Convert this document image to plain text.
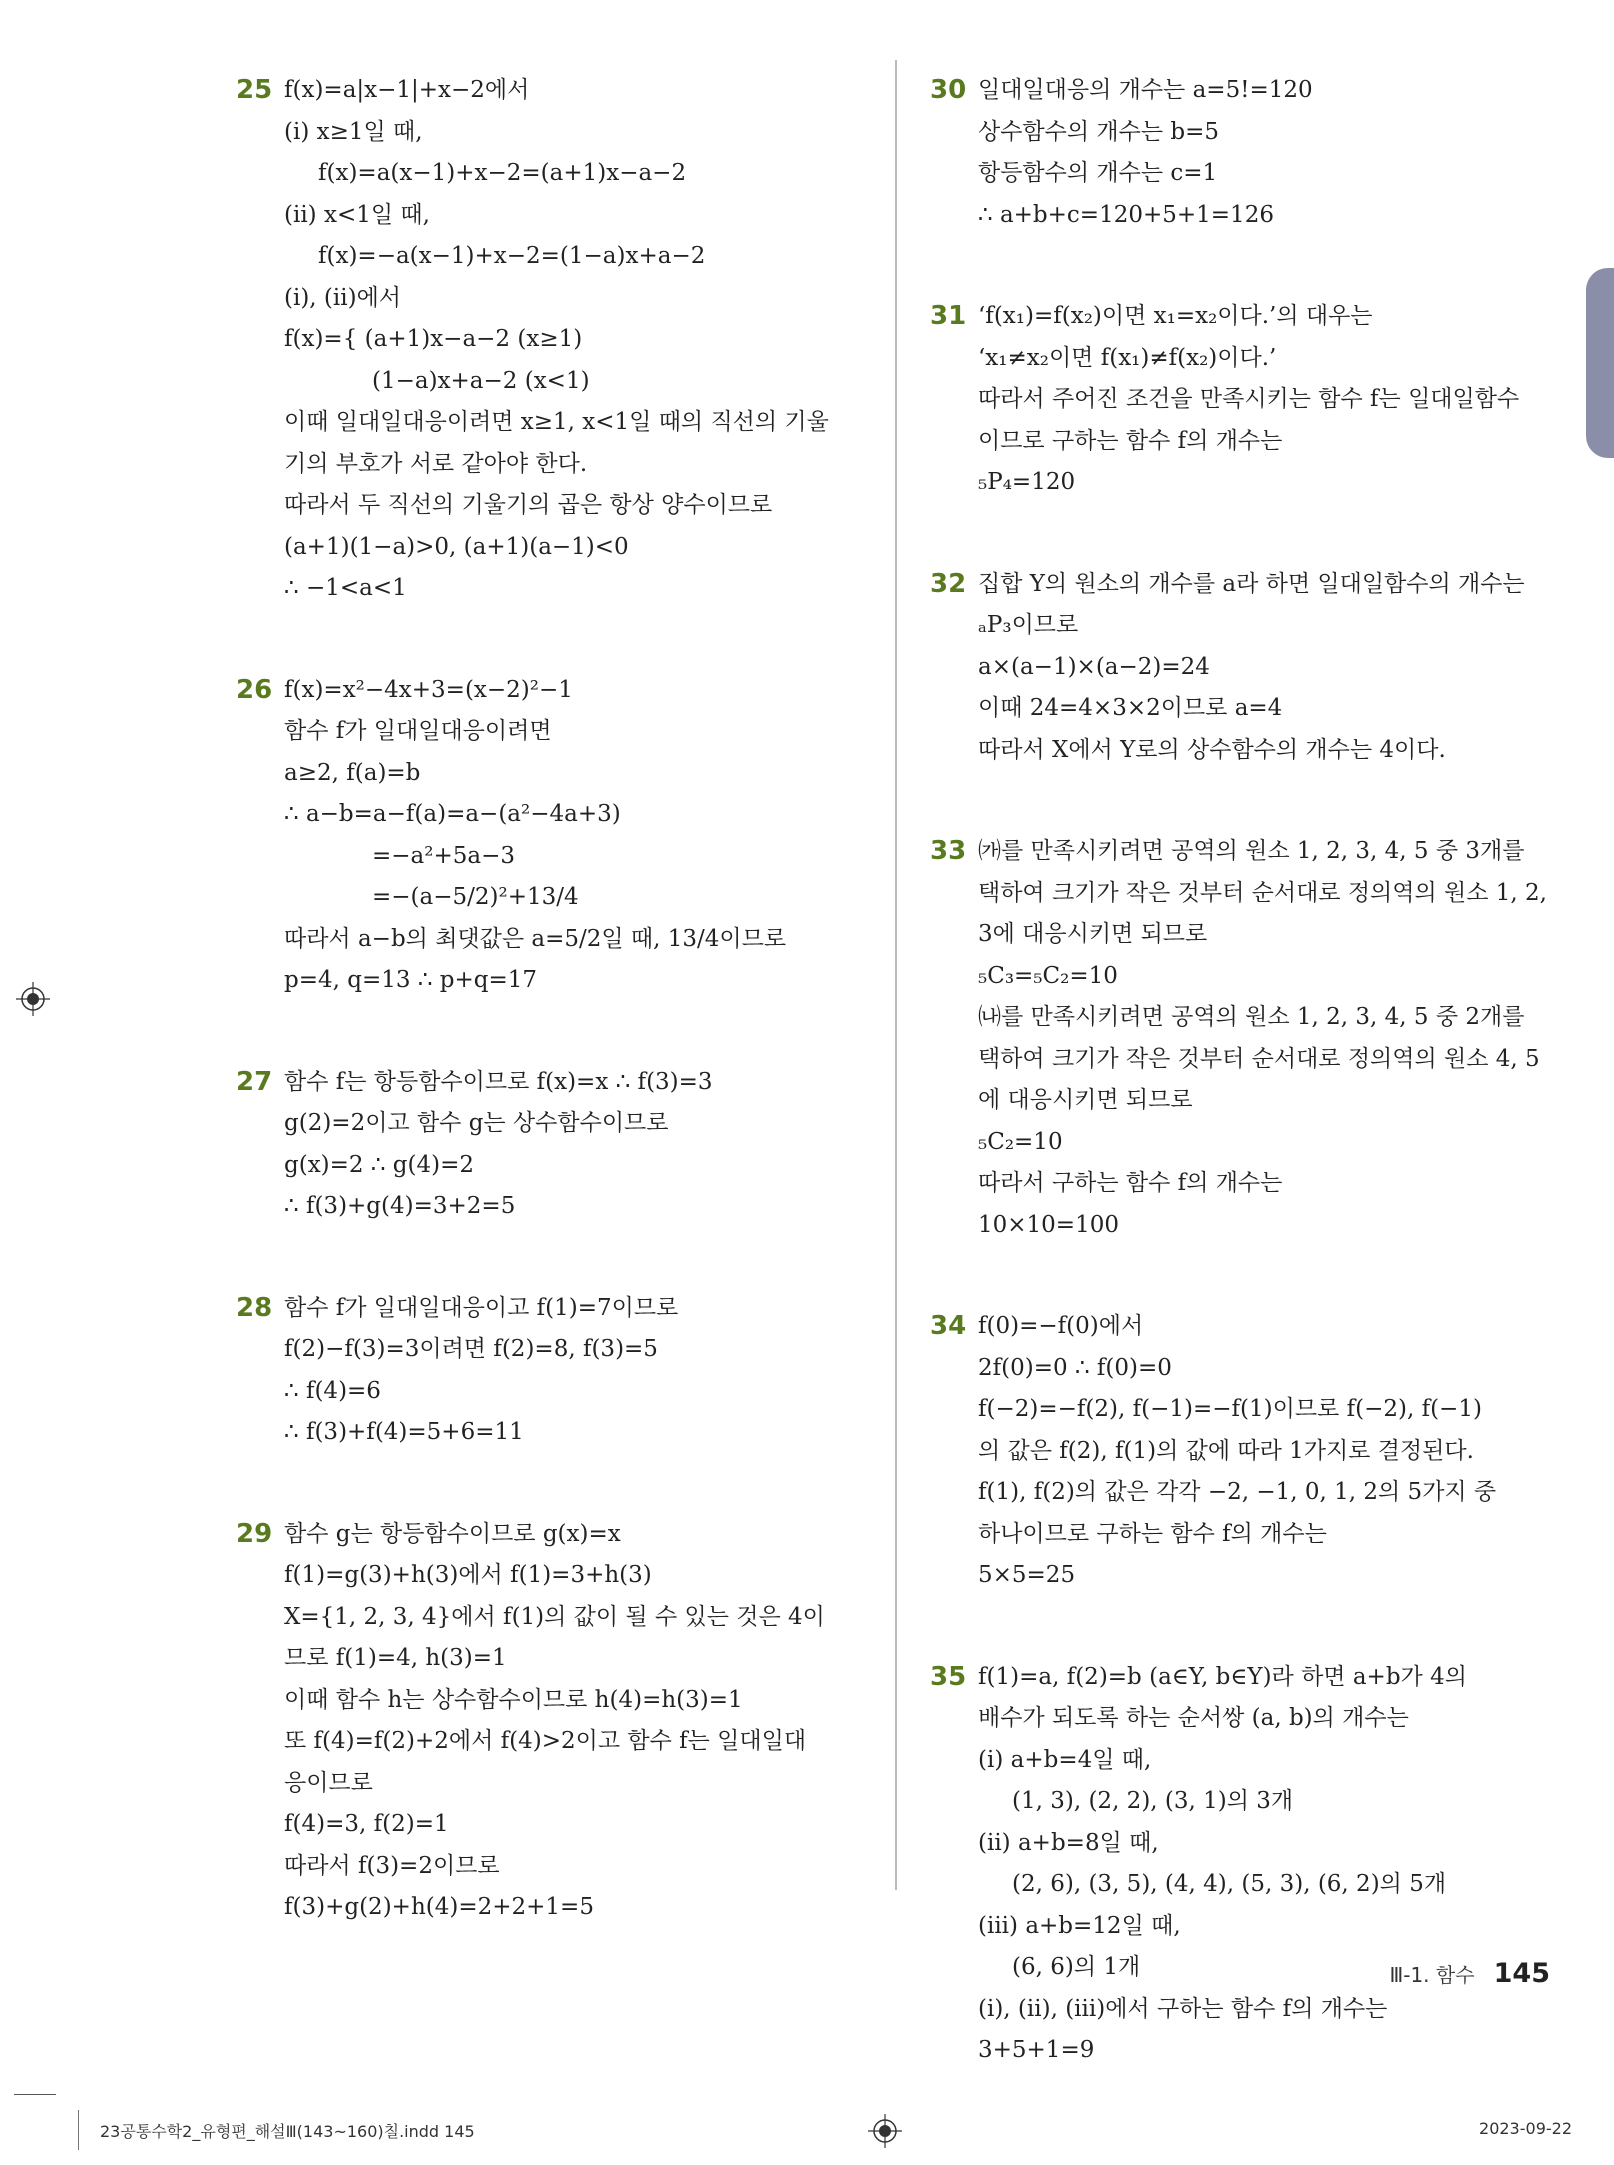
25 f(x)=a|x−1|+x−2에서
(i) x≥1일 때,
f(x)=a(x−1)+x−2=(a+1)x−a−2
(ii) x<1일 때,
f(x)=−a(x−1)+x−2=(1−a)x+a−2
(i), (ii)에서
f(x)={ (a+1)x−a−2 (x≥1)
(1−a)x+a−2 (x<1)
이때 일대일대응이려면 x≥1, x<1일 때의 직선의 기울
기의 부호가 서로 같아야 한다.
따라서 두 직선의 기울기의 곱은 항상 양수이므로
(a+1)(1−a)>0, (a+1)(a−1)<0
∴ −1<a<1
26 f(x)=x²−4x+3=(x−2)²−1
함수 f가 일대일대응이려면
a≥2, f(a)=b
∴ a−b=a−f(a)=a−(a²−4a+3)
=−a²+5a−3
=−(a−5/2)²+13/4
따라서 a−b의 최댓값은 a=5/2일 때, 13/4이므로
p=4, q=13 ∴ p+q=17
27 함수 f는 항등함수이므로 f(x)=x ∴ f(3)=3
g(2)=2이고 함수 g는 상수함수이므로
g(x)=2 ∴ g(4)=2
∴ f(3)+g(4)=3+2=5
28 함수 f가 일대일대응이고 f(1)=7이므로
f(2)−f(3)=3이려면 f(2)=8, f(3)=5
∴ f(4)=6
∴ f(3)+f(4)=5+6=11
29 함수 g는 항등함수이므로 g(x)=x
f(1)=g(3)+h(3)에서 f(1)=3+h(3)
X={1, 2, 3, 4}에서 f(1)의 값이 될 수 있는 것은 4이
므로 f(1)=4, h(3)=1
이때 함수 h는 상수함수이므로 h(4)=h(3)=1
또 f(4)=f(2)+2에서 f(4)>2이고 함수 f는 일대일대
응이므로
f(4)=3, f(2)=1
따라서 f(3)=2이므로
f(3)+g(2)+h(4)=2+2+1=5
30 일대일대응의 개수는 a=5!=120
상수함수의 개수는 b=5
항등함수의 개수는 c=1
∴ a+b+c=120+5+1=126
31 ‘f(x₁)=f(x₂)이면 x₁=x₂이다.’의 대우는
‘x₁≠x₂이면 f(x₁)≠f(x₂)이다.’
따라서 주어진 조건을 만족시키는 함수 f는 일대일함수
이므로 구하는 함수 f의 개수는
₅P₄=120
32 집합 Y의 원소의 개수를 a라 하면 일대일함수의 개수는
ₐP₃이므로
a×(a−1)×(a−2)=24
이때 24=4×3×2이므로 a=4
따라서 X에서 Y로의 상수함수의 개수는 4이다.
33 ㈎를 만족시키려면 공역의 원소 1, 2, 3, 4, 5 중 3개를
택하여 크기가 작은 것부터 순서대로 정의역의 원소 1, 2,
3에 대응시키면 되므로
₅C₃=₅C₂=10
㈏를 만족시키려면 공역의 원소 1, 2, 3, 4, 5 중 2개를
택하여 크기가 작은 것부터 순서대로 정의역의 원소 4, 5
에 대응시키면 되므로
₅C₂=10
따라서 구하는 함수 f의 개수는
10×10=100
34 f(0)=−f(0)에서
2f(0)=0 ∴ f(0)=0
f(−2)=−f(2), f(−1)=−f(1)이므로 f(−2), f(−1)
의 값은 f(2), f(1)의 값에 따라 1가지로 결정된다.
f(1), f(2)의 값은 각각 −2, −1, 0, 1, 2의 5가지 중
하나이므로 구하는 함수 f의 개수는
5×5=25
35 f(1)=a, f(2)=b (a∈Y, b∈Y)라 하면 a+b가 4의
배수가 되도록 하는 순서쌍 (a, b)의 개수는
(i) a+b=4일 때,
(1, 3), (2, 2), (3, 1)의 3개
(ii) a+b=8일 때,
(2, 6), (3, 5), (4, 4), (5, 3), (6, 2)의 5개
(iii) a+b=12일 때,
(6, 6)의 1개
(i), (ii), (iii)에서 구하는 함수 f의 개수는
3+5+1=9
Ⅲ-1. 함수 145
23공통수학2_유형편_해설Ⅲ(143~160)칠.indd 145	2023-09-22
